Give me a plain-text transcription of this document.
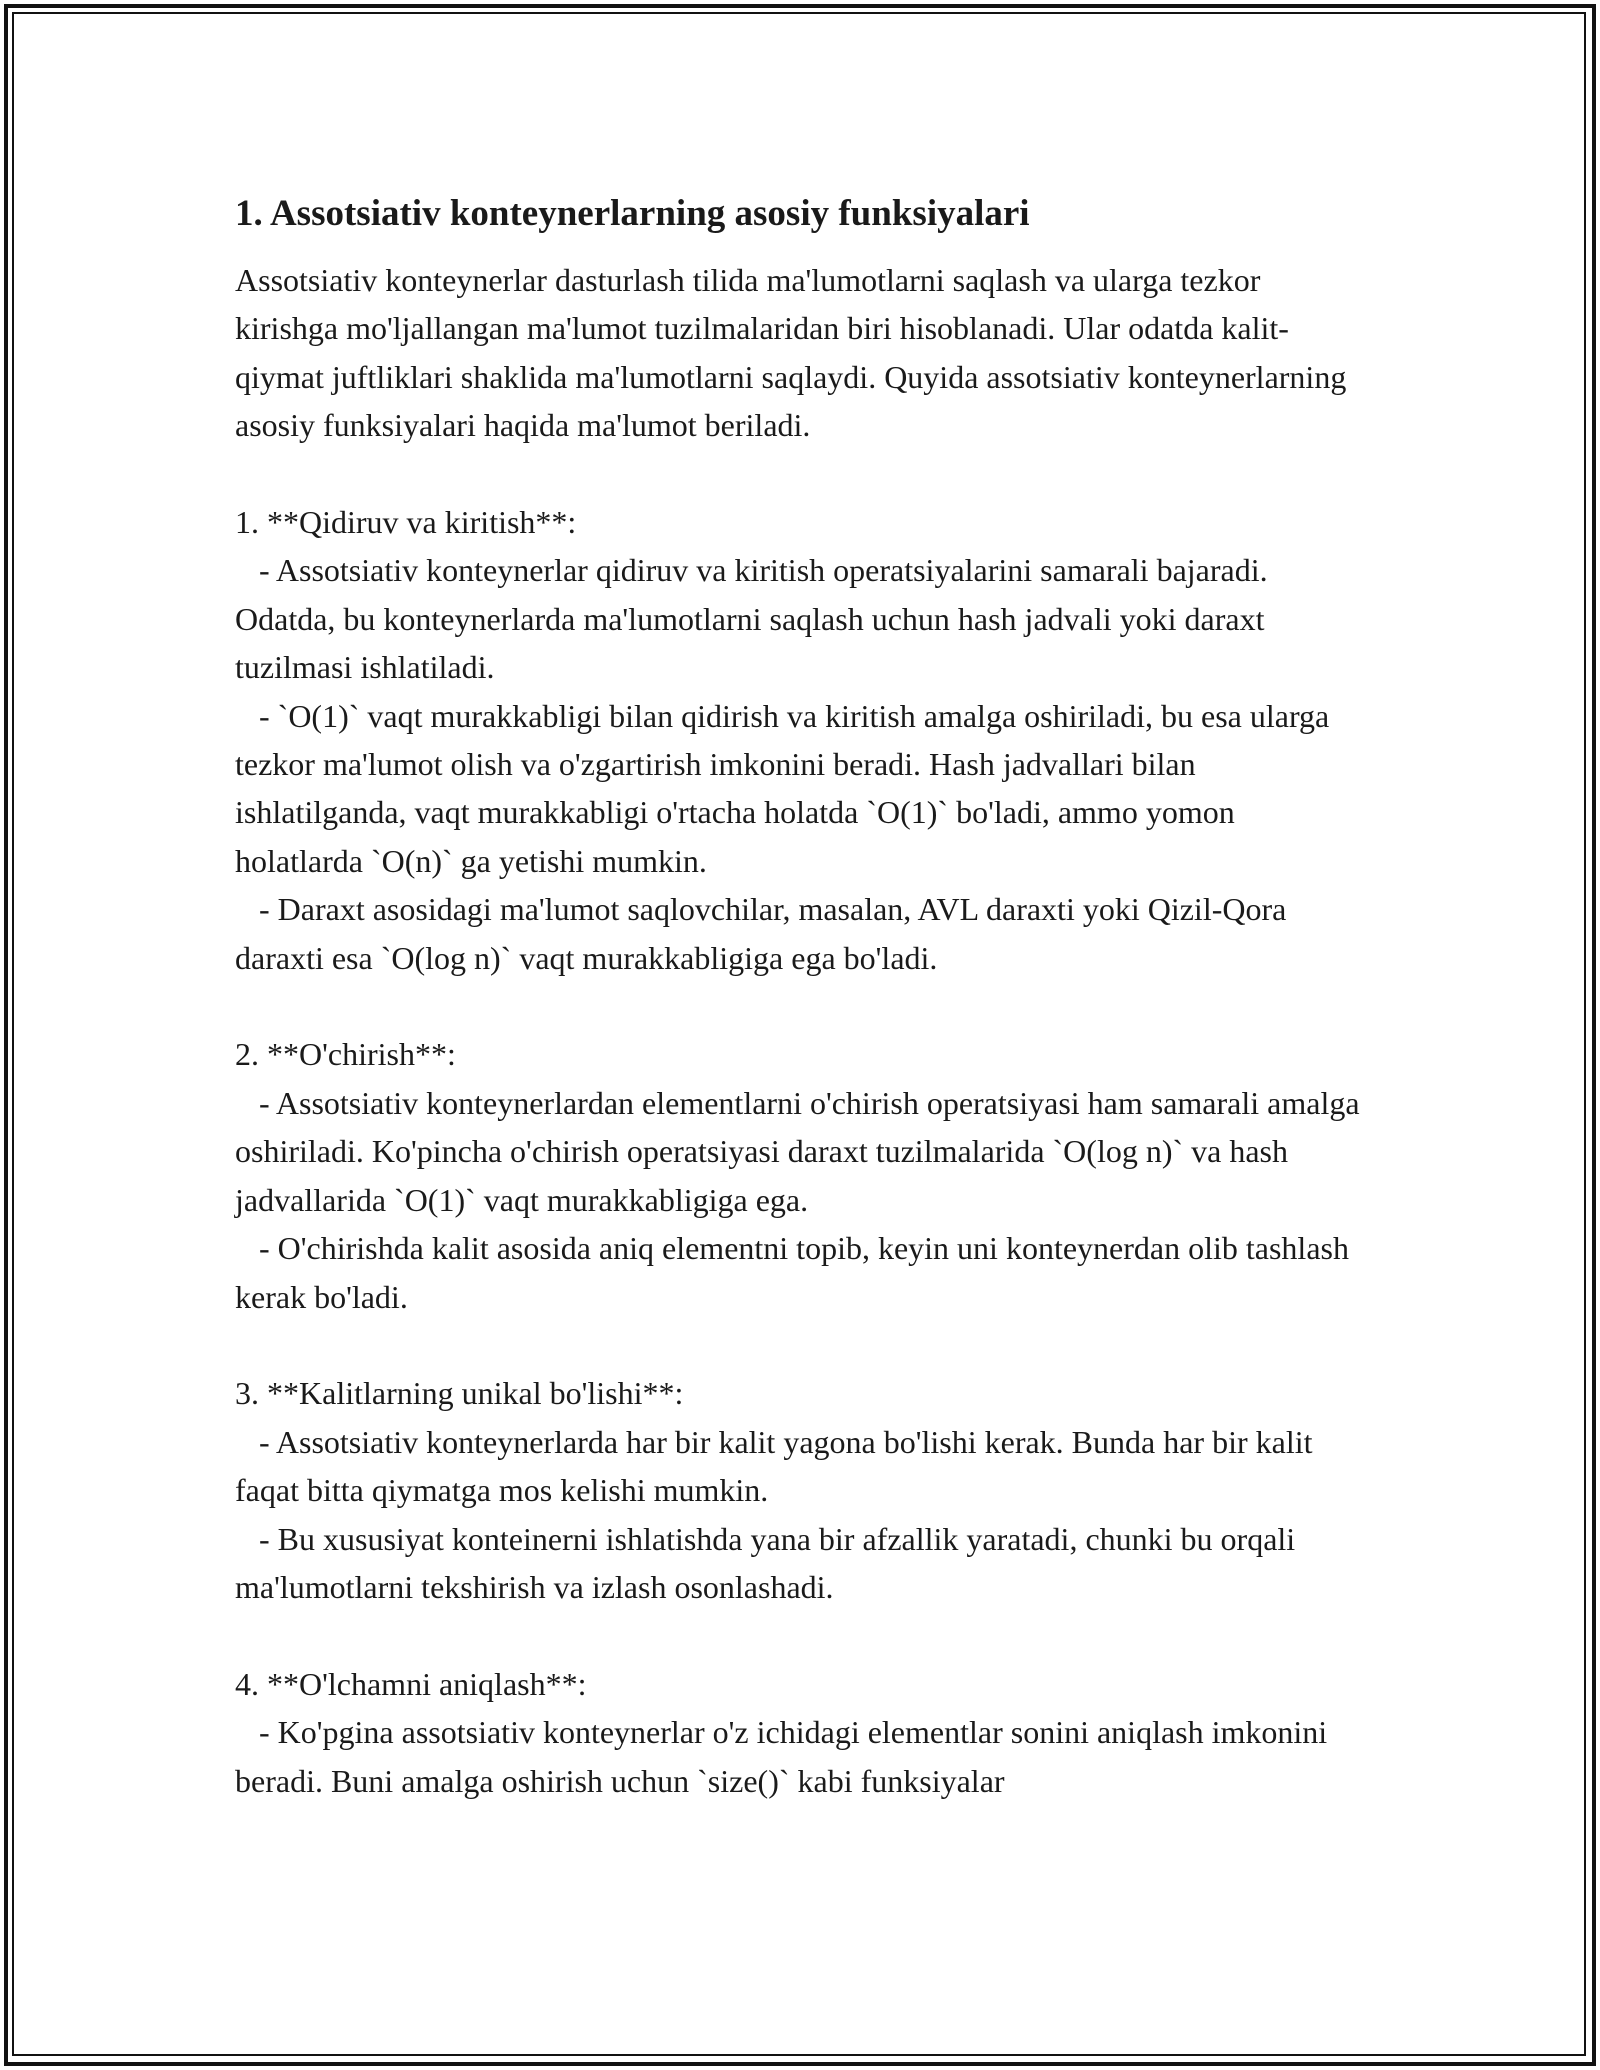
1. Assotsiativ konteynerlarning asosiy funksiyalari

Assotsiativ konteynerlar dasturlash tilida ma'lumotlarni saqlash va ularga tezkor kirishga mo'ljallangan ma'lumot tuzilmalaridan biri hisoblanadi. Ular odatda kalit-qiymat juftliklari shaklida ma'lumotlarni saqlaydi. Quyida assotsiativ konteynerlarning asosiy funksiyalari haqida ma'lumot beriladi.

1. **Qidiruv va kiritish**:
- Assotsiativ konteynerlar qidiruv va kiritish operatsiyalarini samarali bajaradi. Odatda, bu konteynerlarda ma'lumotlarni saqlash uchun hash jadvali yoki daraxt tuzilmasi ishlatiladi.
- `O(1)` vaqt murakkabligi bilan qidirish va kiritish amalga oshiriladi, bu esa ularga tezkor ma'lumot olish va o'zgartirish imkonini beradi. Hash jadvallari bilan ishlatilganda, vaqt murakkabligi o'rtacha holatda `O(1)` bo'ladi, ammo yomon holatlarda `O(n)` ga yetishi mumkin.
- Daraxt asosidagi ma'lumot saqlovchilar, masalan, AVL daraxti yoki Qizil-Qora daraxti esa `O(log n)` vaqt murakkabligiga ega bo'ladi.
2. **O'chirish**:
- Assotsiativ konteynerlardan elementlarni o'chirish operatsiyasi ham samarali amalga oshiriladi. Ko'pincha o'chirish operatsiyasi daraxt tuzilmalarida `O(log n)` va hash jadvallarida `O(1)` vaqt murakkabligiga ega.
- O'chirishda kalit asosida aniq elementni topib, keyin uni konteynerdan olib tashlash kerak bo'ladi.
3. **Kalitlarning unikal bo'lishi**:
- Assotsiativ konteynerlarda har bir kalit yagona bo'lishi kerak. Bunda har bir kalit faqat bitta qiymatga mos kelishi mumkin.
- Bu xususiyat konteinerni ishlatishda yana bir afzallik yaratadi, chunki bu orqali ma'lumotlarni tekshirish va izlash osonlashadi.
4. **O'lchamni aniqlash**:
- Ko'pgina assotsiativ konteynerlar o'z ichidagi elementlar sonini aniqlash imkonini beradi. Buni amalga oshirish uchun `size()` kabi funksiyalar
